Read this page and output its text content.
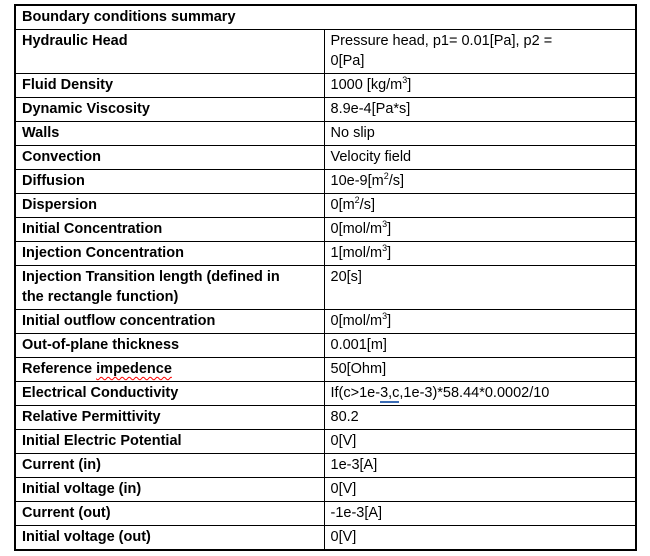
Boundary conditions summary	
Hydraulic Head	Pressure head, p1= 0.01[Pa], p2 =
0[Pa]
Fluid Density	1000 $[kg/m^3]$
Dynamic Viscosity	8.9e-4[Pa*s]
Walls	No slip
Convection	Velocity field
Diffusion	$10e-9[m^2/s]$
Dispersion	$0[m^2/s]$
Initial Concentration	$0[mol/m^3]$
Injection Concentration	$1[mol/m^3]$
Injection Transition length (defined in
the rectangle function)	20[s]
Initial outflow concentration	$0[mol/m^3]$
Out-of-plane thickness	0.001[m]
Reference impedence	50[Ohm]
Electrical Conductivity	If(c>1e-3,c,1e-3)*58.44*0.0002/10
Relative Permittivity	80.2
Initial Electric Potential	0[V]
Current (in)	1e-3[A]
Initial voltage (in)	0[V]
Current (out)	-1e-3[A]
Initial voltage (out)	0[V]
